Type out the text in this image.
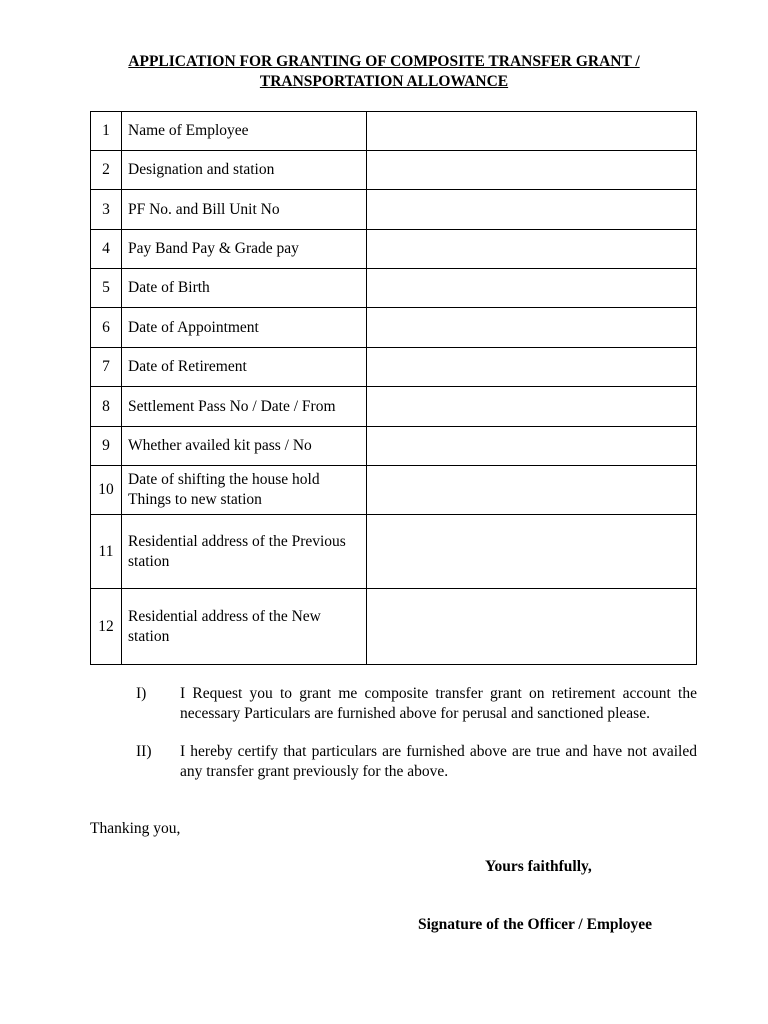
APPLICATION FOR GRANTING OF COMPOSITE TRANSFER GRANT /
TRANSPORTATION ALLOWANCE
1	Name of Employee	
2	Designation and station	
3	PF No. and Bill Unit No	
4	Pay Band Pay & Grade pay	
5	Date of Birth	
6	Date of Appointment	
7	Date of Retirement	
8	Settlement Pass No / Date / From	
9	Whether availed kit pass / No	
10	Date of shifting the house hold Things to new station	
11	Residential address of the Previous station	
12	Residential address of the New station	
I) I Request you to grant me composite transfer grant on retirement account the necessary Particulars are furnished above for perusal and sanctioned please.
II) I hereby certify that particulars are furnished above are true and have not availed any transfer grant previously for the above.
Thanking you,
Yours faithfully,
Signature of the Officer / Employee
